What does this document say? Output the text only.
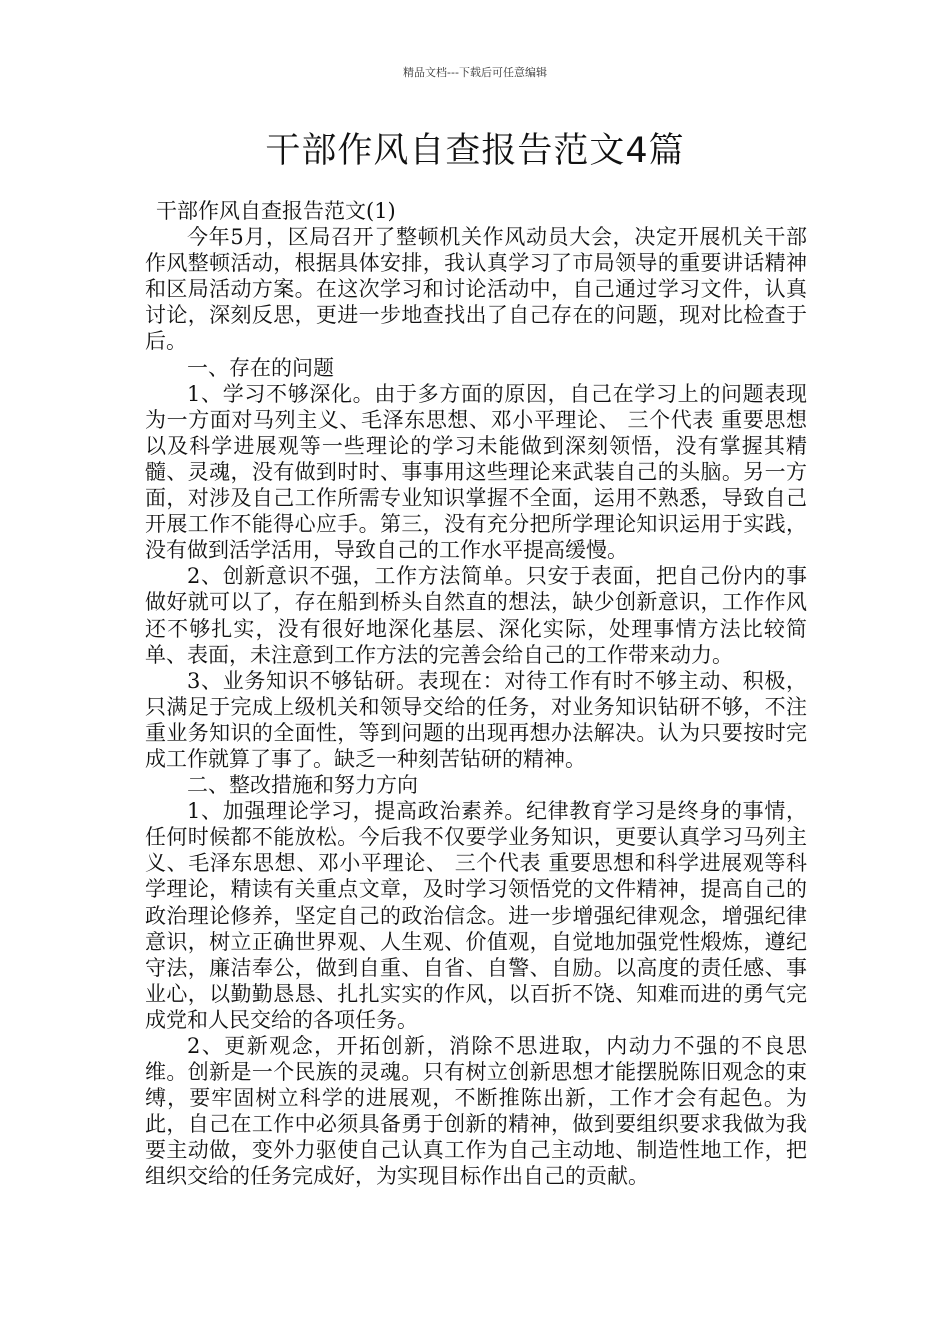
精品文档---下载后可任意编辑
干部作风自查报告范文4篇

干部作风自查报告范文(1)

今年5月，区局召开了整顿机关作风动员大会，决定开展机关干部作风整顿活动，根据具体安排，我认真学习了市局领导的重要讲话精神和区局活动方案。在这次学习和讨论活动中，自己通过学习文件，认真讨论，深刻反思，更进一步地查找出了自己存在的问题，现对比检查于后。

一、存在的问题

1、学习不够深化。由于多方面的原因，自己在学习上的问题表现为一方面对马列主义、毛泽东思想、邓小平理论、 三个代表 重要思想以及科学进展观等一些理论的学习未能做到深刻领悟，没有掌握其精髓、灵魂，没有做到时时、事事用这些理论来武装自己的头脑。另一方面，对涉及自己工作所需专业知识掌握不全面，运用不熟悉，导致自己开展工作不能得心应手。第三，没有充分把所学理论知识运用于实践，没有做到活学活用，导致自己的工作水平提高缓慢。

2、创新意识不强，工作方法简单。只安于表面，把自己份内的事做好就可以了，存在船到桥头自然直的想法，缺少创新意识，工作作风还不够扎实，没有很好地深化基层、深化实际，处理事情方法比较简单、表面，未注意到工作方法的完善会给自己的工作带来动力。

3、业务知识不够钻研。表现在：对待工作有时不够主动、积极，只满足于完成上级机关和领导交给的任务，对业务知识钻研不够，不注重业务知识的全面性，等到问题的出现再想办法解决。认为只要按时完成工作就算了事了。缺乏一种刻苦钻研的精神。

二、整改措施和努力方向

1、加强理论学习，提高政治素养。纪律教育学习是终身的事情，任何时候都不能放松。今后我不仅要学业务知识，更要认真学习马列主义、毛泽东思想、邓小平理论、 三个代表 重要思想和科学进展观等科学理论，精读有关重点文章，及时学习领悟党的文件精神，提高自己的政治理论修养，坚定自己的政治信念。进一步增强纪律观念，增强纪律意识，树立正确世界观、人生观、价值观，自觉地加强党性煅炼，遵纪守法，廉洁奉公，做到自重、自省、自警、自励。以高度的责任感、事业心，以勤勤恳恳、扎扎实实的作风，以百折不饶、知难而进的勇气完成党和人民交给的各项任务。

2、更新观念，开拓创新，消除不思进取，内动力不强的不良思维。创新是一个民族的灵魂。只有树立创新思想才能摆脱陈旧观念的束缚，要牢固树立科学的进展观，不断推陈出新，工作才会有起色。为此，自己在工作中必须具备勇于创新的精神，做到要组织要求我做为我要主动做，变外力驱使自己认真工作为自己主动地、制造性地工作，把组织交给的任务完成好，为实现目标作出自己的贡献。
